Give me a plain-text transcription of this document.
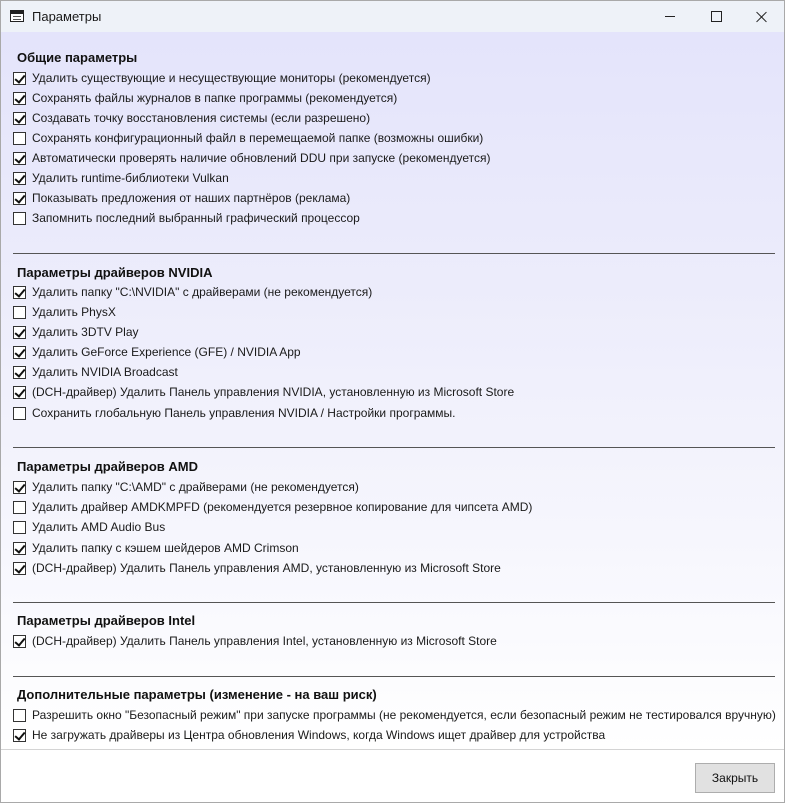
Параметры
Общие параметры
Удалить существующие и несуществующие мониторы (рекомендуется)
Сохранять файлы журналов в папке программы (рекомендуется)
Создавать точку восстановления системы (если разрешено)
Сохранять конфигурационный файл в перемещаемой папке (возможны ошибки)
Автоматически проверять наличие обновлений DDU при запуске (рекомендуется)
Удалить runtime-библиотеки Vulkan
Показывать предложения от наших партнёров (реклама)
Запомнить последний выбранный графический процессор
Параметры драйверов NVIDIA
Удалить папку "C:\NVIDIA" с драйверами (не рекомендуется)
Удалить PhysX
Удалить 3DTV Play
Удалить GeForce Experience (GFE) / NVIDIA App
Удалить NVIDIA Broadcast
(DCH-драйвер) Удалить Панель управления NVIDIA, установленную из Microsoft Store
Сохранить глобальную Панель управления NVIDIA / Настройки программы.
Параметры драйверов AMD
Удалить папку "C:\AMD" с драйверами (не рекомендуется)
Удалить драйвер AMDKMPFD (рекомендуется резервное копирование для чипсета AMD)
Удалить AMD Audio Bus
Удалить папку с кэшем шейдеров AMD Crimson
(DCH-драйвер) Удалить Панель управления AMD, установленную из Microsoft Store
Параметры драйверов Intel
(DCH-драйвер) Удалить Панель управления Intel, установленную из Microsoft Store
Дополнительные параметры (изменение - на ваш риск)
Разрешить окно "Безопасный режим" при запуске программы (не рекомендуется, если безопасный режим не тестировался вручную)
Не загружать драйверы из Центра обновления Windows, когда Windows ищет драйвер для устройства
Закрыть
